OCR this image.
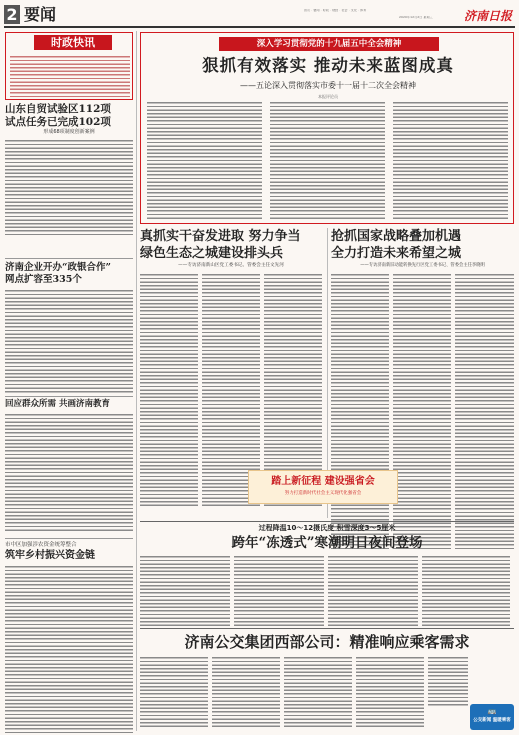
2 要闻	首页 · 要闻 · 时政 · 财经 · 社会 · 文化 · 体育
2020年12月2日 星期三	济南日报
时政快讯
山东自贸试验区112项
试点任务已完成102项
形成68项制度创新案例
济南企业开办“政银合作”
网点扩容至335个
回应群众所需 共画济南教育
市中区加强涉农资金统筹整合
筑牢乡村振兴资金链
深入学习贯彻党的十九届五中全会精神
狠抓有效落实 推动未来蓝图成真
——五论深入贯彻落实市委十一届十二次全会精神
本报评论员
真抓实干奋发进取 努力争当
绿色生态之城建设排头兵
——专访济南新山区党工委书记、管委会主任文先河
抢抓国家战略叠加机遇
全力打造未来希望之城
——专访济南新旧动能转换先行区党工委书记、管委会主任李晓明
踏上新征程 建设强省会
努力打造新时代社会主义现代化强省会
过程降温10～12摄氏度 积雪深度3～5厘米
跨年“冻透式”寒潮明日夜间登场
济南公交集团西部公司：精准响应乘客需求
🚌
公交新闻 温暖乘客
